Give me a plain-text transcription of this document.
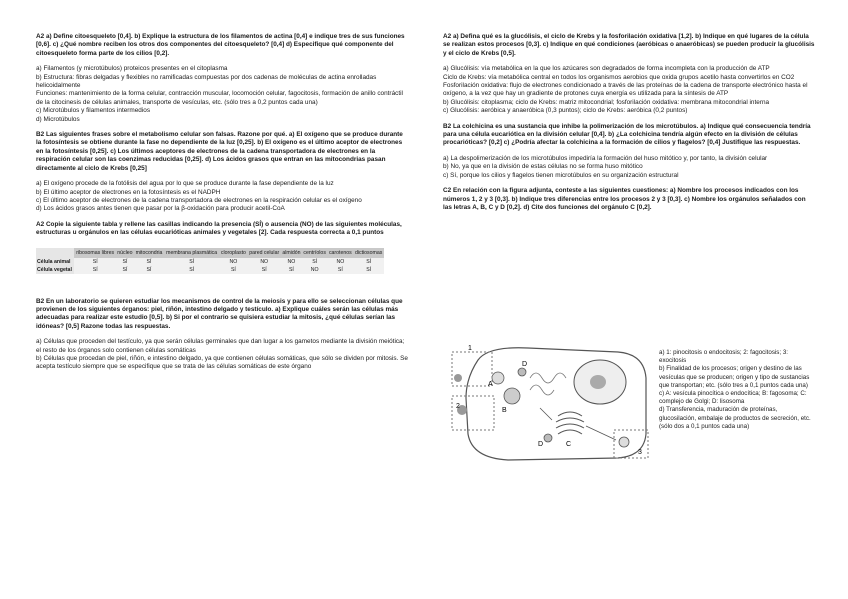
A2 a) Define citoesqueleto [0,4]. b) Explique la estructura de los filamentos de actina [0,4] e indique tres de sus funciones [0,6]. c) ¿Qué nombre reciben los otros dos componentes del citoesqueleto? [0,4] d) Especifique qué componente del citoesqueleto forma parte de los cilios [0,2].

a) Filamentos (y microtúbulos) proteicos presentes en el citoplasma

b) Estructura: fibras delgadas y flexibles no ramificadas compuestas por dos cadenas de moléculas de actina enrolladas helicoidalmente

Funciones: mantenimiento de la forma celular, contracción muscular, locomoción celular, fagocitosis, formación de anillo contráctil de la citocinesis de células animales, transporte de vesículas, etc. (sólo tres a 0,2 puntos cada una)

c) Microtúbulos y filamentos intermedios

d) Microtúbulos

B2 Las siguientes frases sobre el metabolismo celular son falsas. Razone por qué. a) El oxígeno que se produce durante la fotosíntesis se obtiene durante la fase no dependiente de la luz [0,25]. b) El oxígeno es el último aceptor de electrones en la fotosíntesis [0,25]. c) Los últimos aceptores de electrones de la cadena transportadora de electrones en la respiración celular son las coenzimas reducidas [0,25]. d) Los ácidos grasos que entran en las mitocondrias pasan directamente al ciclo de Krebs [0,25]

a) El oxígeno procede de la fotólisis del agua por lo que se produce durante la fase dependiente de la luz

b) El último aceptor de electrones en la fotosíntesis es el NADPH

c) El último aceptor de electrones de la cadena transportadora de electrones en la respiración celular es el oxígeno

d) Los ácidos grasos antes tienen que pasar por la β-oxidación para producir acetil-CoA

A2 Copie la siguiente tabla y rellene las casillas indicando la presencia (SÍ) o ausencia (NO) de las siguientes moléculas, estructuras u orgánulos en las células eucarióticas animales y vegetales [2]. Cada respuesta correcta a 0,1 puntos

	ribosomas libres	núcleo	mitocondria	membrana plasmática	cloroplasto	pared celular	almidón	centríolos	carotenos	dictiosomas
Célula animal	SÍ	SÍ	SÍ	SÍ	NO	NO	NO	SÍ	NO	SÍ
Célula vegetal	SÍ	SÍ	SÍ	SÍ	SÍ	SÍ	SÍ	NO	SÍ	SÍ

B2 En un laboratorio se quieren estudiar los mecanismos de control de la meiosis y para ello se seleccionan células que provienen de los siguientes órganos: piel, riñón, intestino delgado y testículo. a) Explique cuáles serán las células más adecuadas para realizar este estudio [0,5]. b) Si por el contrario se quisiera estudiar la mitosis, ¿qué células serían las idóneas? [0,5] Razone todas las respuestas.

a) Células que proceden del testículo, ya que serán células germinales que dan lugar a los gametos mediante la división meiótica; el resto de los órganos solo contienen células somáticas

b) Células que procedan de piel, riñón, e intestino delgado, ya que contienen células somáticas, que sólo se dividen por mitosis. Se acepta testículo siempre que se especifique que se trata de las células somáticas de este órgano

A2 a) Defina qué es la glucólisis, el ciclo de Krebs y la fosforilación oxidativa [1,2]. b) Indique en qué lugares de la célula se realizan estos procesos [0,3]. c) Indique en qué condiciones (aeróbicas o anaeróbicas) se pueden producir la glucólisis y el ciclo de Krebs [0,5].

a) Glucólisis: vía metabólica en la que los azúcares son degradados de forma incompleta con la producción de ATP

Ciclo de Krebs: vía metabólica central en todos los organismos aerobios que oxida grupos acetilo hasta convertirlos en CO2

Fosforilación oxidativa: flujo de electrones condicionado a través de las proteínas de la cadena de transporte electrónico hasta el oxígeno, a la vez que hay un gradiente de protones cuya energía es utilizada para la síntesis de ATP

b) Glucólisis: citoplasma; ciclo de Krebs: matriz mitocondrial; fosforilación oxidativa: membrana mitocondrial interna

c) Glucólisis: aeróbica y anaeróbica (0,3 puntos); ciclo de Krebs: aeróbica (0,2 puntos)

B2 La colchicina es una sustancia que inhibe la polimerización de los microtúbulos. a) Indique qué consecuencia tendría para una célula eucariótica en la división celular [0,4]. b) ¿La colchicina tendría algún efecto en la división de células procarióticas? [0,2] c) ¿Podría afectar la colchicina a la formación de cilios y flagelos? [0,4] Justifique las respuestas.

a) La despolimerización de los microtúbulos impediría la formación del huso mitótico y, por tanto, la división celular

b) No, ya que en la división de estas células no se forma huso mitótico

c) Sí, porque los cilios y flagelos tienen microtúbulos en su organización estructural

C2 En relación con la figura adjunta, conteste a las siguientes cuestiones: a) Nombre los procesos indicados con los números 1, 2 y 3 [0,3]. b) Indique tres diferencias entre los procesos 2 y 3 [0,3]. c) Nombre los orgánulos señalados con las letras A, B, C y D [0,2]. d) Cite dos funciones del orgánulo C [0,2].

1
2
3
A
B
C
D
D

a) 1: pinocitosis o endocitosis; 2: fagocitosis; 3: exocitosis

b) Finalidad de los procesos; origen y destino de las vesículas que se producen; origen y tipo de sustancias que transportan; etc. (sólo tres a 0,1 puntos cada una)

c) A: vesícula pinocítica o endocítica; B: fagosoma; C: complejo de Golgi; D: lisosoma

d) Transferencia, maduración de proteínas, glucosilación, embalaje de productos de secreción, etc. (sólo dos a 0,1 puntos cada una)
